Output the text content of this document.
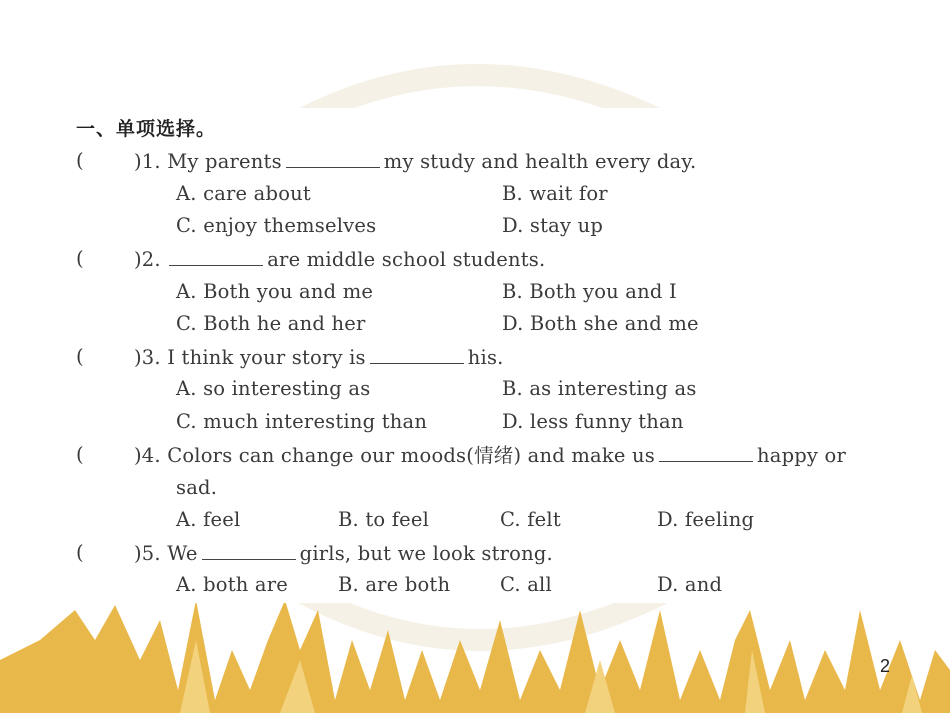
一、单项选择。
(	)1. My parents	my study and health every day.
A. care about	B. wait for
C. enjoy themselves	D. stay up
(	)2.	are middle school students.
A. Both you and me	B. Both you and I
C. Both he and her	D. Both she and me
(	)3. I think your story is	his.
A. so interesting as	B. as interesting as
C. much interesting than	D. less funny than
(	)4. Colors can change our moods(情绪) and make us	happy or
sad.
A. feel	B. to feel	C. felt	D. feeling
(	)5. We	girls, but we look strong.
A. both are	B. are both	C. all	D. and
2
